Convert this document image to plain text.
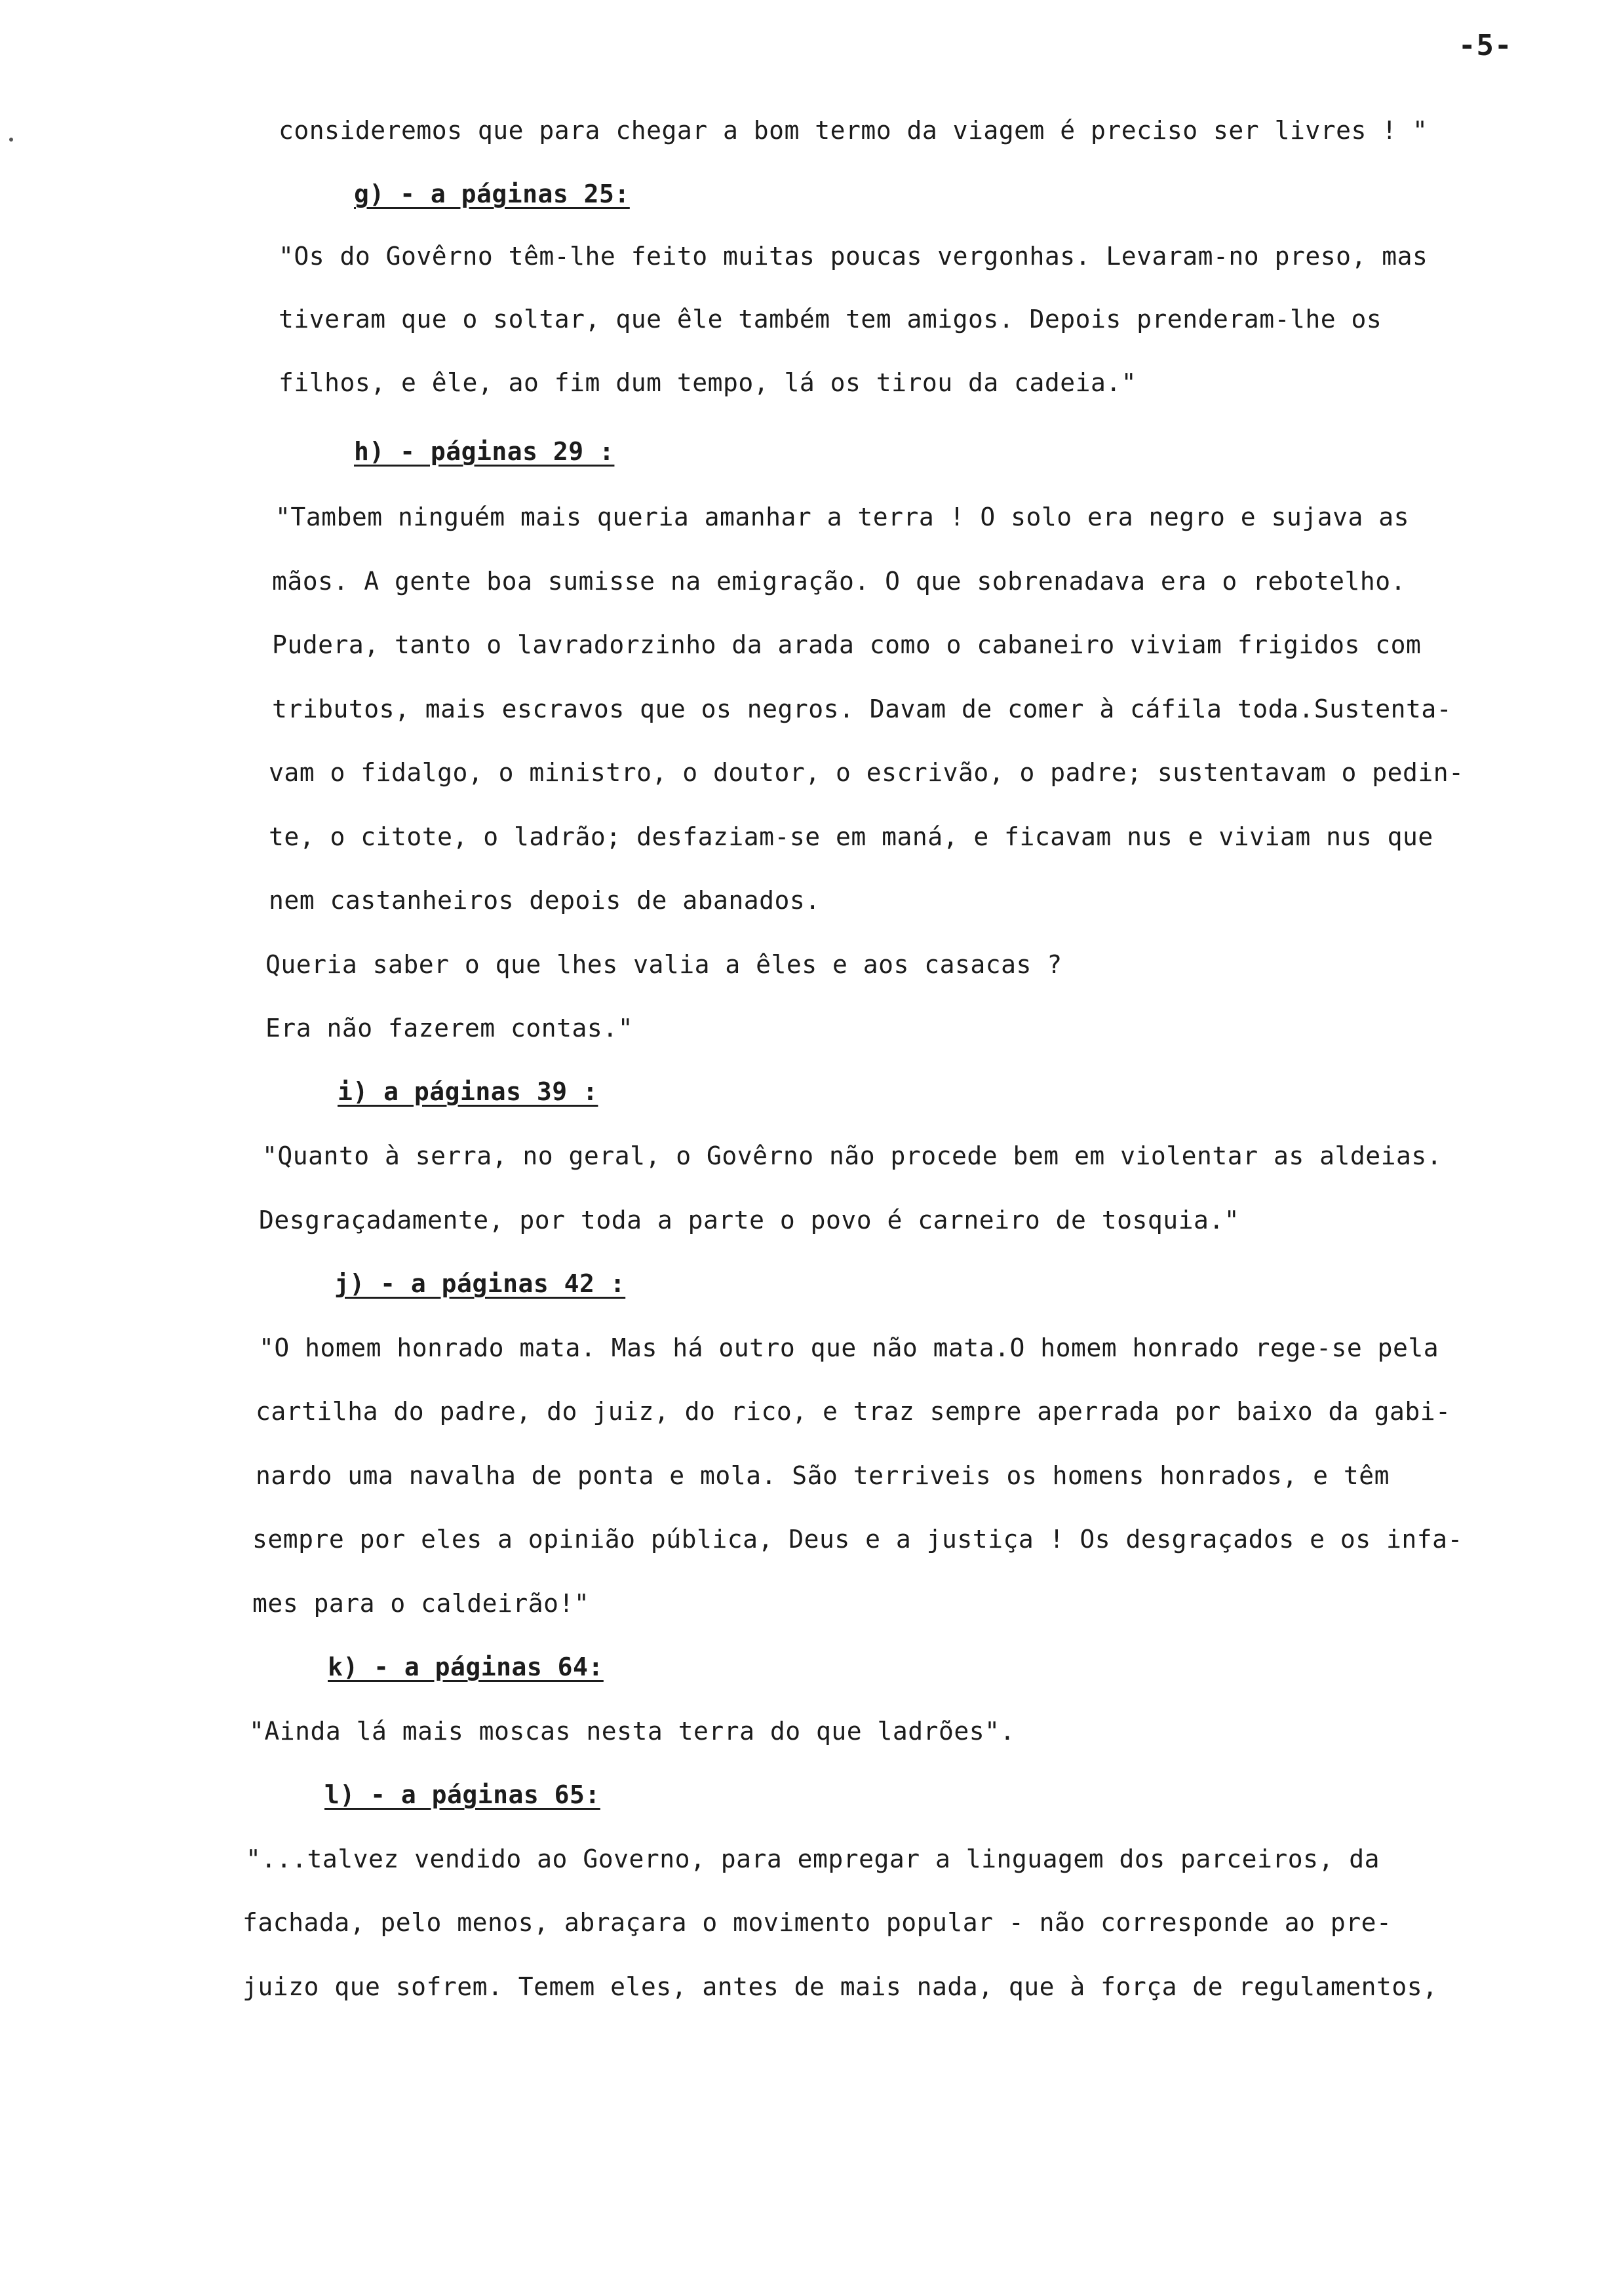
-5-
consideremos que para chegar a bom termo da viagem é preciso ser livres ! "
g) - a páginas 25:
"Os do Govêrno têm-lhe feito muitas poucas vergonhas. Levaram-no preso, mas
tiveram que o soltar, que êle também tem amigos. Depois prenderam-lhe os
filhos, e êle, ao fim dum tempo, lá os tirou da cadeia."
h) - páginas 29 :
"Tambem ninguém mais queria amanhar a terra ! O solo era negro e sujava as
mãos. A gente boa sumisse na emigração. O que sobrenadava era o rebotelho.
Pudera, tanto o lavradorzinho da arada como o cabaneiro viviam frigidos com
tributos, mais escravos que os negros. Davam de comer à cáfila toda.Sustenta-
vam o fidalgo, o ministro, o doutor, o escrivão, o padre; sustentavam o pedin-
te, o citote, o ladrão; desfaziam-se em maná, e ficavam nus e viviam nus que
nem castanheiros depois de abanados.
Queria saber o que lhes valia a êles e aos casacas ?
Era não fazerem contas."
i) a páginas 39 :
"Quanto à serra, no geral, o Govêrno não procede bem em violentar as aldeias.
Desgraçadamente, por toda a parte o povo é carneiro de tosquia."
j) - a páginas 42 :
"O homem honrado mata. Mas há outro que não mata.O homem honrado rege-se pela
cartilha do padre, do juiz, do rico, e traz sempre aperrada por baixo da gabi-
nardo uma navalha de ponta e mola. São terriveis os homens honrados, e têm
sempre por eles a opinião pública, Deus e a justiça ! Os desgraçados e os infa-
mes para o caldeirão!"
k) - a páginas 64:
"Ainda lá mais moscas nesta terra do que ladrões".
l) - a páginas 65:
"...talvez vendido ao Governo, para empregar a linguagem dos parceiros, da
fachada, pelo menos, abraçara o movimento popular - não corresponde ao pre-
juizo que sofrem. Temem eles, antes de mais nada, que à força de regulamentos,
